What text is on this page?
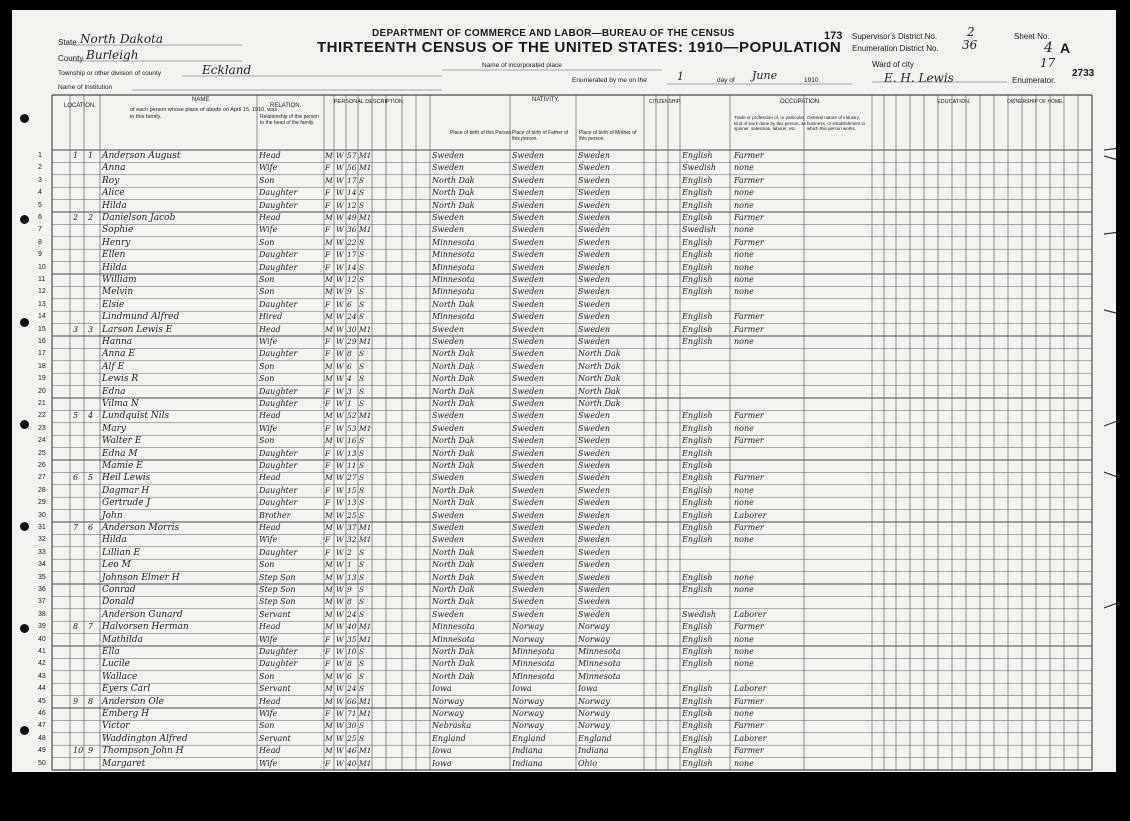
State North Dakota
County Burleigh
Township or other division of county	Eckland
Name of Institution
DEPARTMENT OF COMMERCE AND LABOR—BUREAU OF THE CENSUS
THIRTEENTH CENSUS OF THE UNITED STATES: 1910—POPULATION
Name of incorporated place
Enumerated by me on the	1	day of June	1910
Ward of city
E. H. Lewis	Enumerator.
173 Supervisor's District No. 2
Enumeration District No. 36
Sheet No.
4 A
17
2733
LOCATION.
NAME
of each person whose place of abode on April 15, 1910, was in this family.
RELATION.
Relationship of this person to the head of the family.
PERSONAL DESCRIPTION.	NATIVITY.
Place of birth of this Person. Place of birth of Father of this person.
Place of birth of Mother of this person.
CITIZENSHIP.	OCCUPATION.
Trade or profession of, or particular kind of work done by this person, as spinner, salesman, laborer, etc.
General nature of industry, business, or establishment in which this person works.
EDUCATION.	OWNERSHIP OF HOME.
1	1 1 Anderson August	Head	M W 57 M1	Sweden	Sweden	Sweden	English	Farmer
2	Anna	Wife	F W 56 M1	Sweden	Sweden	Sweden	Swedish none
3	Roy	Son	M W 17 S	North Dak	Sweden	Sweden	English	Farmer
4	Alice	Daughter	F W 14 S	North Dak	Sweden	Sweden	English	none
5	Hilda	Daughter	F W 12 S	North Dak	Sweden	Sweden	English	none
6	2 2 Danielson Jacob	Head	M W 49 M1	Sweden	Sweden	Sweden	English	Farmer
7	Sophie	Wife	F W 36 M1	Sweden	Sweden	Sweden	Swedish none
8	Henry	Son	M W 22 S	Minnesota	Sweden	Sweden	English	Farmer
9	Ellen	Daughter	F W 17 S	Minnesota	Sweden	Sweden	English	none
10	Hilda	Daughter	F W 14 S	Minnesota	Sweden	Sweden	English	none
11	William	Son	M W 12 S	Minnesota	Sweden	Sweden	English	none
12	Melvin	Son	M W 9 S	Minnesota	Sweden	Sweden	English	none
13	Elsie	Daughter	F W 6 S	North Dak	Sweden	Sweden
14	Lindmund Alfred	Hired	M W 24 S	Minnesota	Sweden	Sweden	English	Farmer
15	3 3 Larson Lewis E	Head	M W 30 M1	Sweden	Sweden	Sweden	English	Farmer
16	Hanna	Wife	F W 29 M1	Sweden	Sweden	Sweden	English	none
17	Anna E	Daughter	F W 8 S	North Dak	Sweden	North Dak
18	Alf E	Son	M W 6 S	North Dak	Sweden	North Dak
19	Lewis R	Son	M W 4 S	North Dak	Sweden	North Dak
20	Edna	Daughter	F W 3 S	North Dak	Sweden	North Dak
21	Vilma N	Daughter	F W 1 S	North Dak	Sweden	North Dak
22	5 4 Lundquist Nils	Head	M W 52 M1	Sweden	Sweden	Sweden	English	Farmer
23	Mary	Wife	F W 53 M1	Sweden	Sweden	Sweden	English	none
24	Walter E	Son	M W 16 S	North Dak	Sweden	Sweden	English	Farmer
25	Edna M	Daughter	F W 13 S	North Dak	Sweden	Sweden	English
26	Mamie E	Daughter	F W 11 S	North Dak	Sweden	Sweden	English
27	6 5 Heil Lewis	Head	M W 27 S	Sweden	Sweden	Sweden	English	Farmer
28	Dagmar H	Daughter	F W 15 S	North Dak	Sweden	Sweden	English	none
29	Gertrude J	Daughter	F W 13 S	North Dak	Sweden	Sweden	English	none
30	John	Brother	M W 25 S	Sweden	Sweden	Sweden	English	Laborer
31	7 6 Anderson Morris	Head	M W 37 M1	Sweden	Sweden	Sweden	English	Farmer
32	Hilda	Wife	F W 32 M1	Sweden	Sweden	Sweden	English	none
33	Lillian E	Daughter	F W 2 S	North Dak	Sweden	Sweden
34	Leo M	Son	M W 1 S	North Dak	Sweden	Sweden
35	Johnson Elmer H	Step Son	M W 13 S	North Dak	Sweden	Sweden	English	none
36	Conrad	Step Son	M W 9 S	North Dak	Sweden	Sweden	English	none
37	Donald	Step Son	M W 8 S	North Dak	Sweden	Sweden
38	Anderson Gunard	Servant	M W 24 S	Sweden	Sweden	Sweden	Swedish Laborer
39	8 7 Halvorsen Herman	Head	M W 40 M1	Minnesota	Norway	Norway	English	Farmer
40	Mathilda	Wife	F W 35 M1	Minnesota	Norway	Norway	English	none
41	Ella	Daughter	F W 10 S	North Dak	Minnesota	Minnesota	English	none
42	Lucile	Daughter	F W 8 S	North Dak	Minnesota	Minnesota	English	none
43	Wallace	Son	M W 6 S	North Dak	Minnesota	Minnesota
44	Eyers Carl	Servant	M W 24 S	Iowa	Iowa	Iowa	English	Laborer
45	9 8 Anderson Ole	Head	M W 66 M1	Norway	Norway	Norway	English	Farmer
46	Emberg H	Wife	F W 71 M1	Norway	Norway	Norway	English	none
47	Victor	Son	M W 30 S	Nebraska	Norway	Norway	English	Farmer
48	Waddington Alfred	Servant	M W 25 S	England	England	England	English	Laborer
49	10 9 Thompson John H	Head	M W 46 M1	Iowa	Indiana	Indiana	English	Farmer
50	Margaret	Wife	F W 40 M1	Iowa	Indiana	Ohio	English	none
